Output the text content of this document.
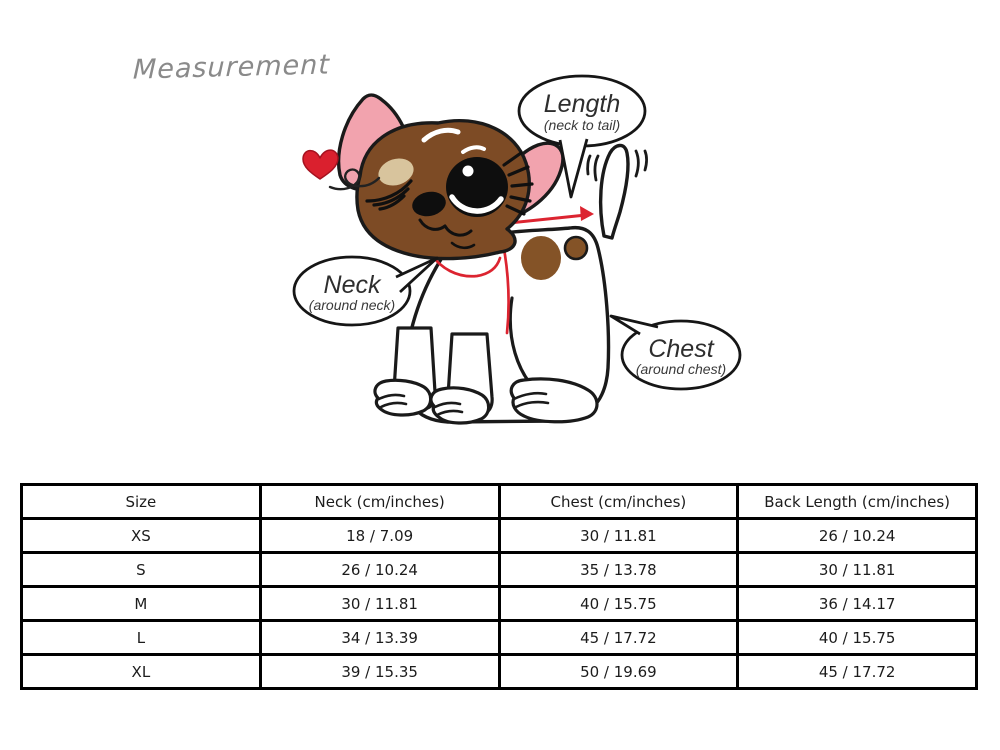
Measurement
Length
(neck to tail)
Neck
(around neck)
Chest
(around chest)
Size	Neck (cm/inches)	Chest (cm/inches)	Back Length (cm/inches)
XS	18 / 7.09	30 / 11.81	26 / 10.24
S	26 / 10.24	35 / 13.78	30 / 11.81
M	30 / 11.81	40 / 15.75	36 / 14.17
L	34 / 13.39	45 / 17.72	40 / 15.75
XL	39 / 15.35	50 / 19.69	45 / 17.72
